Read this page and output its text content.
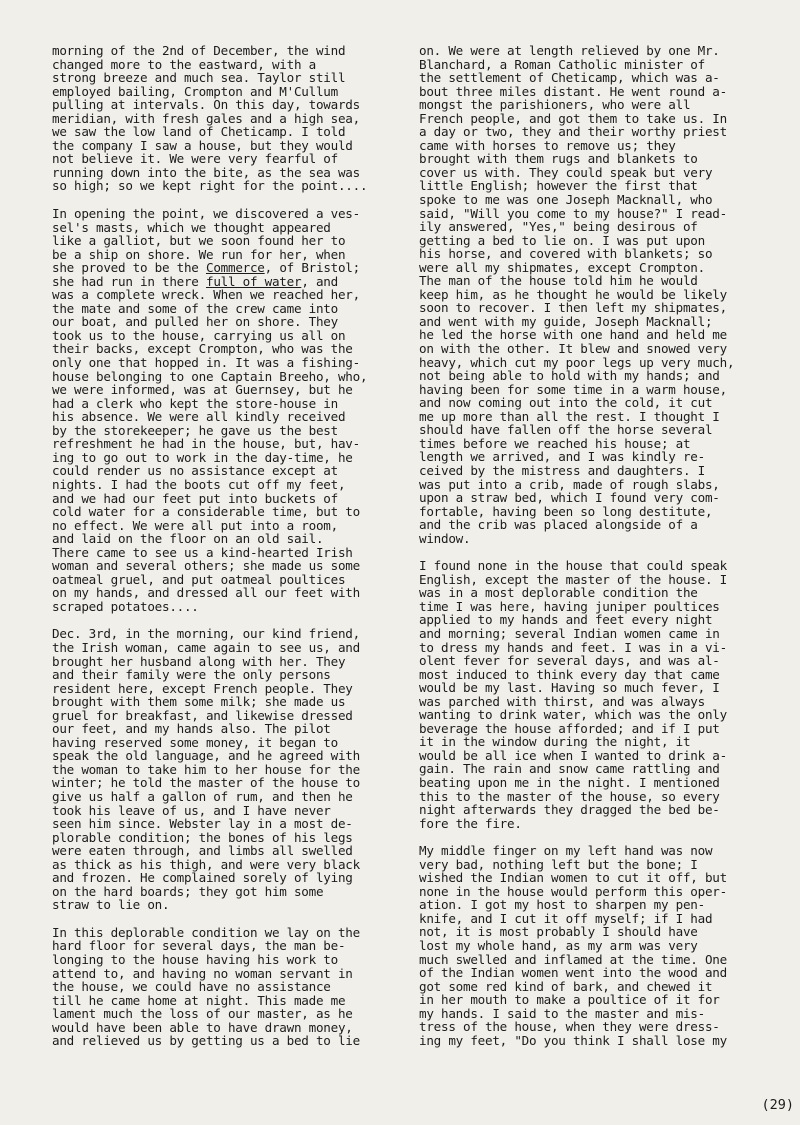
morning of the 2nd of December, the wind
changed more to the eastward, with a
strong breeze and much sea. Taylor still
employed bailing, Crompton and M'Cullum
pulling at intervals. On this day, towards
meridian, with fresh gales and a high sea,
we saw the low land of Cheticamp. I told
the company I saw a house, but they would
not believe it. We were very fearful of
running down into the bite, as the sea was
so high; so we kept right for the point....
In opening the point, we discovered a ves-
sel's masts, which we thought appeared
like a galliot, but we soon found her to
be a ship on shore. We run for her, when
she proved to be the Commerce, of Bristol;
she had run in there full of water, and
was a complete wreck. When we reached her,
the mate and some of the crew came into
our boat, and pulled her on shore. They
took us to the house, carrying us all on
their backs, except Crompton, who was the
only one that hopped in. It was a fishing-
house belonging to one Captain Breeho, who,
we were informed, was at Guernsey, but he
had a clerk who kept the store-house in
his absence. We were all kindly received
by the storekeeper; he gave us the best
refreshment he had in the house, but, hav-
ing to go out to work in the day-time, he
could render us no assistance except at
nights. I had the boots cut off my feet,
and we had our feet put into buckets of
cold water for a considerable time, but to
no effect. We were all put into a room,
and laid on the floor on an old sail.
There came to see us a kind-hearted Irish
woman and several others; she made us some
oatmeal gruel, and put oatmeal poultices
on my hands, and dressed all our feet with
scraped potatoes....
Dec. 3rd, in the morning, our kind friend,
the Irish woman, came again to see us, and
brought her husband along with her. They
and their family were the only persons
resident here, except French people. They
brought with them some milk; she made us
gruel for breakfast, and likewise dressed
our feet, and my hands also. The pilot
having reserved some money, it began to
speak the old language, and he agreed with
the woman to take him to her house for the
winter; he told the master of the house to
give us half a gallon of rum, and then he
took his leave of us, and I have never
seen him since. Webster lay in a most de-
plorable condition; the bones of his legs
were eaten through, and limbs all swelled
as thick as his thigh, and were very black
and frozen. He complained sorely of lying
on the hard boards; they got him some
straw to lie on.
In this deplorable condition we lay on the
hard floor for several days, the man be-
longing to the house having his work to
attend to, and having no woman servant in
the house, we could have no assistance
till he came home at night. This made me
lament much the loss of our master, as he
would have been able to have drawn money,
and relieved us by getting us a bed to lie
on. We were at length relieved by one Mr.
Blanchard, a Roman Catholic minister of
the settlement of Cheticamp, which was a-
bout three miles distant. He went round a-
mongst the parishioners, who were all
French people, and got them to take us. In
a day or two, they and their worthy priest
came with horses to remove us; they
brought with them rugs and blankets to
cover us with. They could speak but very
little English; however the first that
spoke to me was one Joseph Macknall, who
said, "Will you come to my house?" I read-
ily answered, "Yes," being desirous of
getting a bed to lie on. I was put upon
his horse, and covered with blankets; so
were all my shipmates, except Crompton.
The man of the house told him he would
keep him, as he thought he would be likely
soon to recover. I then left my shipmates,
and went with my guide, Joseph Macknall;
he led the horse with one hand and held me
on with the other. It blew and snowed very
heavy, which cut my poor legs up very much,
not being able to hold with my hands; and
having been for some time in a warm house,
and now coming out into the cold, it cut
me up more than all the rest. I thought I
should have fallen off the horse several
times before we reached his house; at
length we arrived, and I was kindly re-
ceived by the mistress and daughters. I
was put into a crib, made of rough slabs,
upon a straw bed, which I found very com-
fortable, having been so long destitute,
and the crib was placed alongside of a
window.
I found none in the house that could speak
English, except the master of the house. I
was in a most deplorable condition the
time I was here, having juniper poultices
applied to my hands and feet every night
and morning; several Indian women came in
to dress my hands and feet. I was in a vi-
olent fever for several days, and was al-
most induced to think every day that came
would be my last. Having so much fever, I
was parched with thirst, and was always
wanting to drink water, which was the only
beverage the house afforded; and if I put
it in the window during the night, it
would be all ice when I wanted to drink a-
gain. The rain and snow came rattling and
beating upon me in the night. I mentioned
this to the master of the house, so every
night afterwards they dragged the bed be-
fore the fire.
My middle finger on my left hand was now
very bad, nothing left but the bone; I
wished the Indian women to cut it off, but
none in the house would perform this oper-
ation. I got my host to sharpen my pen-
knife, and I cut it off myself; if I had
not, it is most probably I should have
lost my whole hand, as my arm was very
much swelled and inflamed at the time. One
of the Indian women went into the wood and
got some red kind of bark, and chewed it
in her mouth to make a poultice of it for
my hands. I said to the master and mis-
tress of the house, when they were dress-
ing my feet, "Do you think I shall lose my
(29)
